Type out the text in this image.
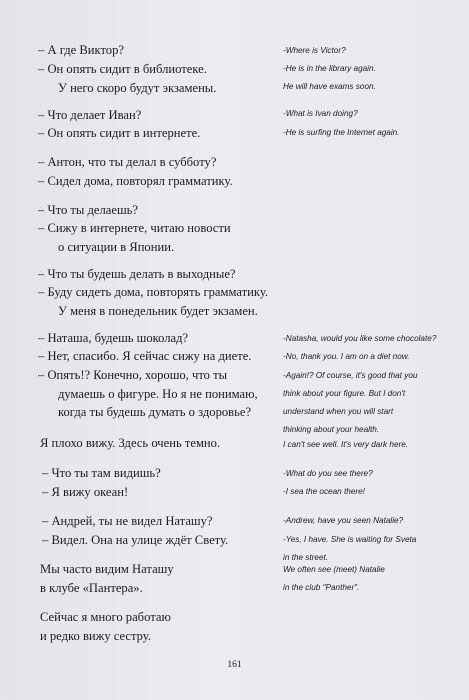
– А где Виктор?
– Он опять сидит в библиотеке.
У него скоро будут экзамены.
– Что делает Иван?
– Он опять сидит в интернете.
– Антон, что ты делал в субботу?
– Сидел дома, повторял грамматику.
– Что ты делаешь?
– Сижу в интернете, читаю новости
о ситуации в Японии.
– Что ты будешь делать в выходные?
– Буду сидеть дома, повторять грамматику.
У меня в понедельник будет экзамен.
– Наташа, будешь шоколад?
– Нет, спасибо. Я сейчас сижу на диете.
– Опять!? Конечно, хорошо, что ты
думаешь о фигуре. Но я не понимаю,
когда ты будешь думать о здоровье?
Я плохо вижу. Здесь очень темно.
– Что ты там видишь?
– Я вижу океан!
– Андрей, ты не видел Наташу?
– Видел. Она на улице ждёт Свету.
Мы часто видим Наташу
в клубе «Пантера».
Сейчас я много работаю
и редко вижу сестру.
-Where is Victor?
-He is in the library again.
He will have exams soon.
-What is Ivan doing?
-He is surfing the Internet again.
-Natasha, would you like some chocolate?
-No, thank you. I am on a diet now.
-Again!? Of course, it's good that you
think about your figure. But I don't
understand when you will start
thinking about your health.
I can't see well. It's very dark here.
-What do you see there?
-I sea the ocean there!
-Andrew, have you seen Natalie?
-Yes, I have. She is waiting for Sveta
in the street.
We often see (meet) Natalie
in the club "Panther".
161
